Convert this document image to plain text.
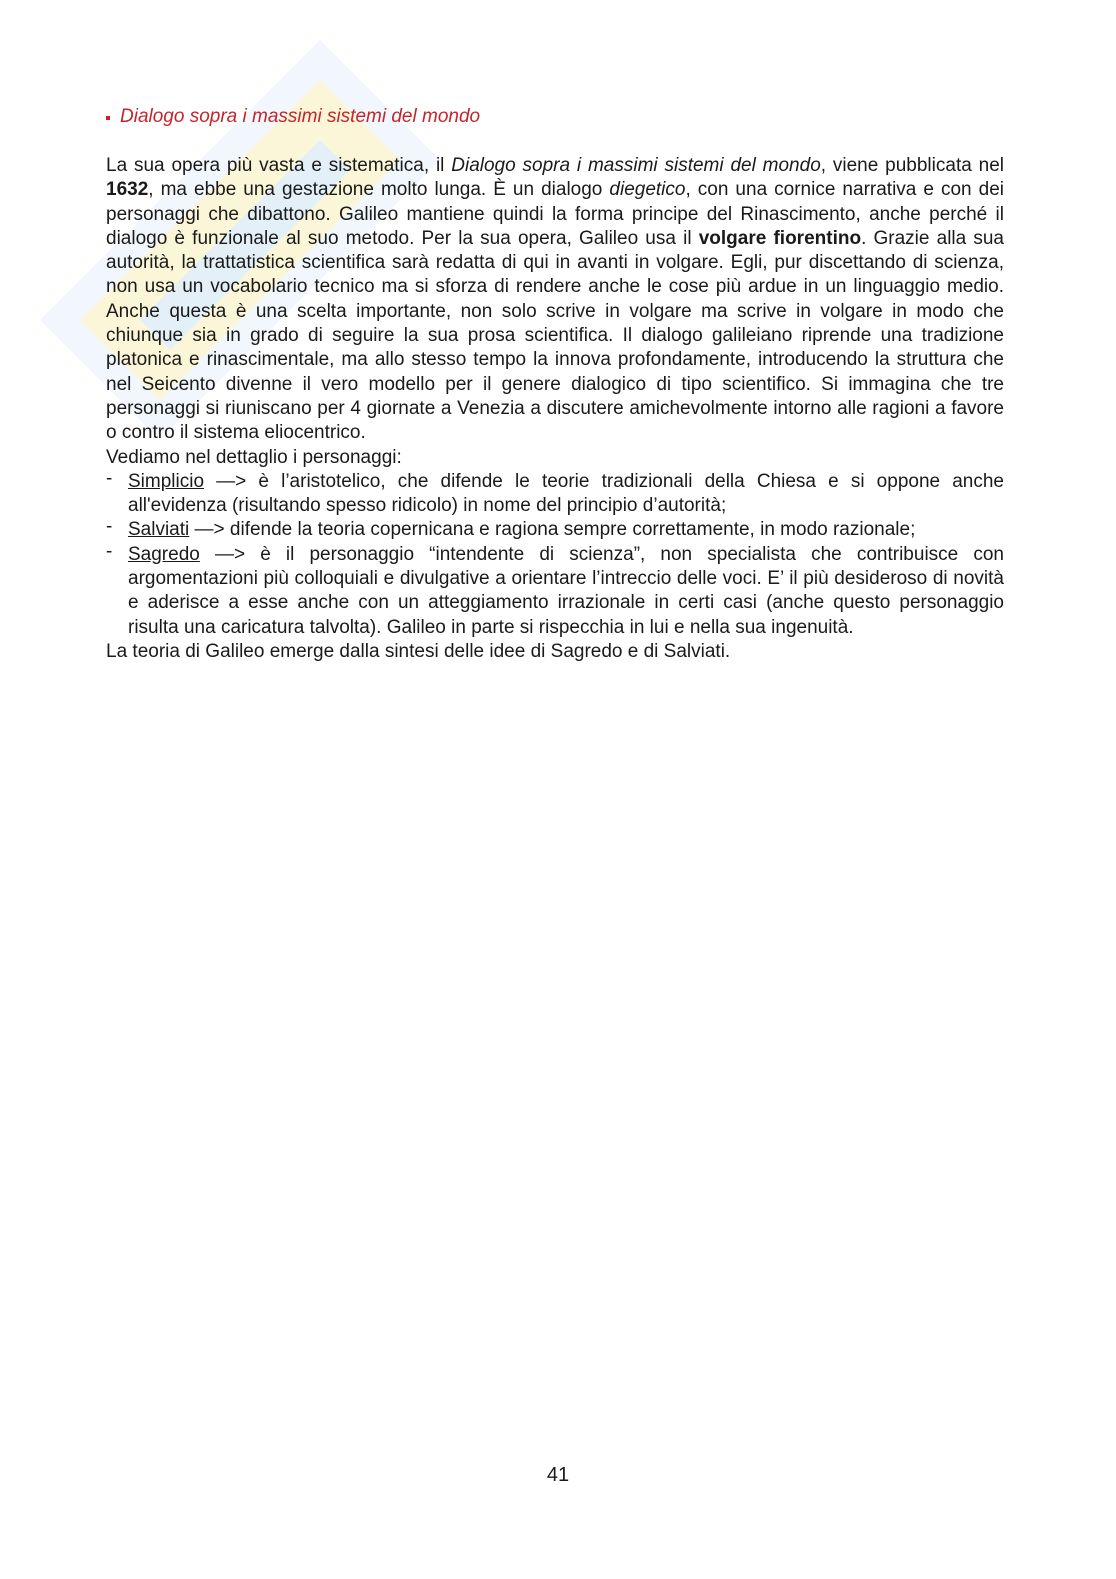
Dialogo sopra i massimi sistemi del mondo

La sua opera più vasta e sistematica, il Dialogo sopra i massimi sistemi del mondo, viene pubblicata nel 1632, ma ebbe una gestazione molto lunga. È un dialogo diegetico, con una cornice narrativa e con dei personaggi che dibattono. Galileo mantiene quindi la forma principe del Rinascimento, anche perché il dialogo è funzionale al suo metodo. Per la sua opera, Galileo usa il volgare fiorentino. Grazie alla sua autorità, la trattatistica scientifica sarà redatta di qui in avanti in volgare. Egli, pur discettando di scienza, non usa un vocabolario tecnico ma si sforza di rendere anche le cose più ardue in un linguaggio medio. Anche questa è una scelta importante, non solo scrive in volgare ma scrive in volgare in modo che chiunque sia in grado di seguire la sua prosa scientifica. Il dialogo galileiano riprende una tradizione platonica e rinascimentale, ma allo stesso tempo la innova profondamente, introducendo la struttura che nel Seicento divenne il vero modello per il genere dialogico di tipo scientifico. Si immagina che tre personaggi si riuniscano per 4 giornate a Venezia a discutere amichevolmente intorno alle ragioni a favore o contro il sistema eliocentrico.

Vediamo nel dettaglio i personaggi:

- Simplicio —> è l’aristotelico, che difende le teorie tradizionali della Chiesa e si oppone anche all'evidenza (risultando spesso ridicolo) in nome del principio d’autorità;
- Salviati —> difende la teoria copernicana e ragiona sempre correttamente, in modo razionale;
- Sagredo —> è il personaggio “intendente di scienza”, non specialista che contribuisce con argomentazioni più colloquiali e divulgative a orientare l’intreccio delle voci. E’ il più desideroso di novità e aderisce a esse anche con un atteggiamento irrazionale in certi casi (anche questo personaggio risulta una caricatura talvolta). Galileo in parte si rispecchia in lui e nella sua ingenuità.

La teoria di Galileo emerge dalla sintesi delle idee di Sagredo e di Salviati.

41
